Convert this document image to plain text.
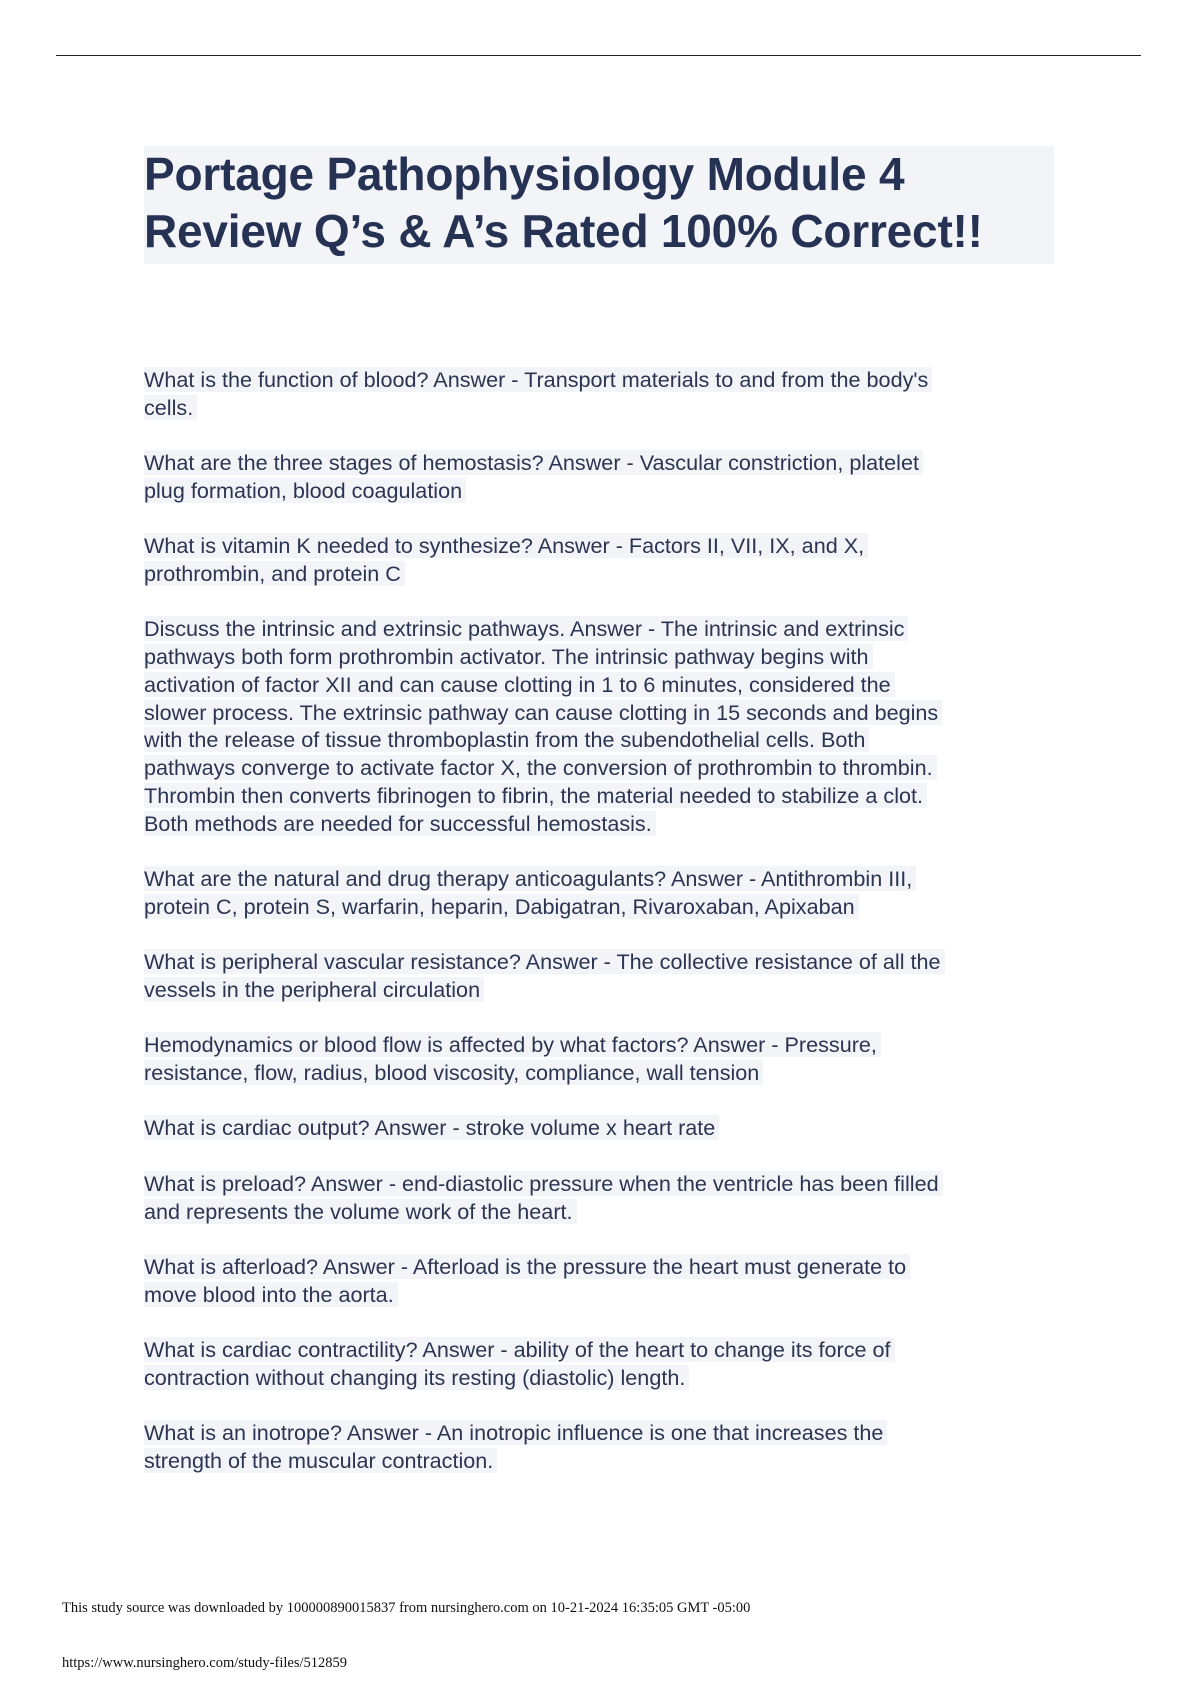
Portage Pathophysiology Module 4
Review Q’s & A’s Rated 100% Correct!!
What is the function of blood? Answer - Transport materials to and from the body's
cells.
What are the three stages of hemostasis? Answer - Vascular constriction, platelet
plug formation, blood coagulation
What is vitamin K needed to synthesize? Answer - Factors II, VII, IX, and X,
prothrombin, and protein C
Discuss the intrinsic and extrinsic pathways. Answer - The intrinsic and extrinsic
pathways both form prothrombin activator. The intrinsic pathway begins with
activation of factor XII and can cause clotting in 1 to 6 minutes, considered the
slower process. The extrinsic pathway can cause clotting in 15 seconds and begins
with the release of tissue thromboplastin from the subendothelial cells. Both
pathways converge to activate factor X, the conversion of prothrombin to thrombin.
Thrombin then converts fibrinogen to fibrin, the material needed to stabilize a clot.
Both methods are needed for successful hemostasis.
What are the natural and drug therapy anticoagulants? Answer - Antithrombin III,
protein C, protein S, warfarin, heparin, Dabigatran, Rivaroxaban, Apixaban
What is peripheral vascular resistance? Answer - The collective resistance of all the
vessels in the peripheral circulation
Hemodynamics or blood flow is affected by what factors? Answer - Pressure,
resistance, flow, radius, blood viscosity, compliance, wall tension
What is cardiac output? Answer - stroke volume x heart rate
What is preload? Answer - end-diastolic pressure when the ventricle has been filled
and represents the volume work of the heart.
What is afterload? Answer - Afterload is the pressure the heart must generate to
move blood into the aorta.
What is cardiac contractility? Answer - ability of the heart to change its force of
contraction without changing its resting (diastolic) length.
What is an inotrope? Answer - An inotropic influence is one that increases the
strength of the muscular contraction.
This study source was downloaded by 100000890015837 from nursinghero.com on 10-21-2024 16:35:05 GMT -05:00
https://www.nursinghero.com/study-files/512859
